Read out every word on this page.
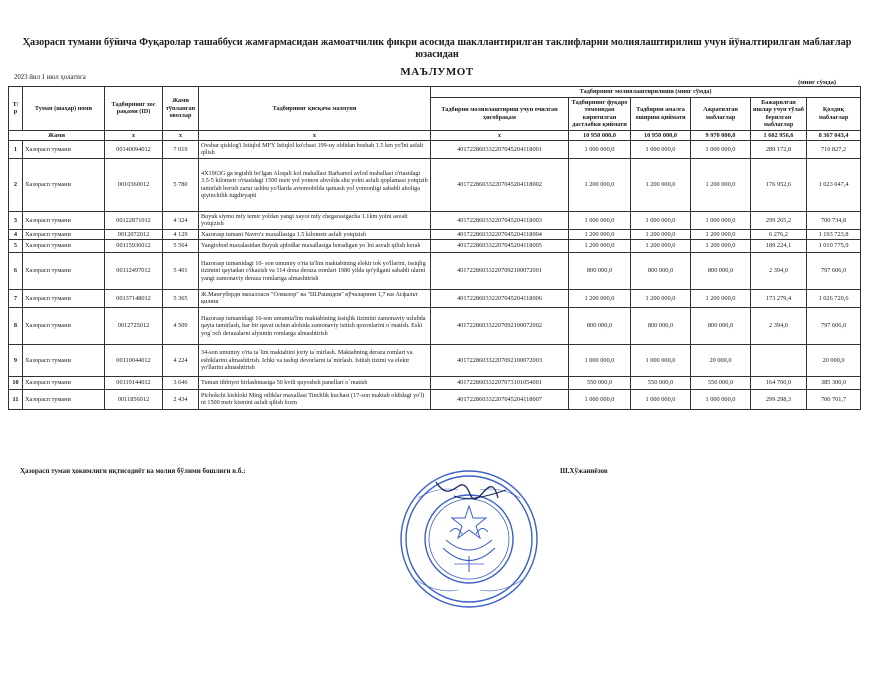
Ҳазорасп тумани бўйича Фуқаролар ташаббуси жамғармасидан жамоатчилик фикри асосида шакллантирилган таклифларни молиялаштирилиш учун йўналтирилган маблағлар юзасидан
2023 йил 1 июл ҳолатига	МАЪЛУМОТ
(минг сўмда)
Т/р	Туман (шаҳар) номи	Тадбирнинг хос рақами (ID)	Жами тўпланган овозлар	Тадбирнинг қисқача мазмуни	Тадбирнинг молиялаштирилиши (минг сўмда)					
					Тадбирни молиялаштириш учун очилган ҳисобрақам	Тадбирнинг фуқаро томонидан киритилган дастлабки қиймати	Тадбирни амалга ошириш қиймати	Ажратилган маблағлар	Бажарилган ишлар учун тўлаб берилган маблағлар	Қолдиқ маблағлар
Жами		x	x	x	x	10 950 000,0	10 950 000,0	9 970 000,0	1 602 956,6	8 367 043,4
1	Хазорасп тумани	00140094012	7 019	Ovshar qishlog'i Istiqlol MFY Istiqlol ko'chasi 199-uy oldidan boshab 1.5 km yo'lni asfalt qilish	401722860332207045204118001	1 000 000,0	1 000 000,0	1 000 000,0	289 172,8	710 827,2
2	Хазорасп тумани	0010360012	5 780	4X1963G ga tegishli bo'lgan Aloqali kol mahallasi Barkamol avlod mahallasi o'rtasidagi 3.5-5 kilometr o'rtasidagi 1500 metr yol yomon abvolda shu yolni asfalt qoplamasi yotqizib tamirlab berish zarur ushbu yo'llarda avtomobilda qatnash yol yomonligi sababli aholiga qiyinchilik tugdiryapti	401722860332207045204118002	1 200 000,0	1 200 000,0	1 200 000,0	176 952,6	1 023 047,4
3	Хазорасп тумани	00122871012	4 324	Buyuk siymo mfy temir yoldan yangi xayot mfy chegarasigacha 1.1km yolni asvalt yotqizish	401722860332207045204118003	1 000 000,0	1 000 000,0	1 000 000,0	299 265,2	700 734,8
4	Хазорасп тумани	0012072012	4 129	Xazorasp tumani Navro'z maxallasiga 1.5 kilometr asfalt yotqizish	401722860332207045204118004	1 200 000,0	1 200 000,0	1 200 000,0	6 276,2	1 193 723,8
5	Хазорасп тумани	00115936012	5 564	Yangiobod maxalasidan Buyuk ajdodlar maxallasiga boradigan yo`lni asvalt qilish kerak	401722860332207045204118005	1 200 000,0	1 200 000,0	1 200 000,0	189 224,1	1 010 775,9
6	Хазорасп тумани	00112497012	5 401	Hazorasp tumanidagi 10- son umumiy o'rta ta'lim maktabining elektr tok yo'llarini, issiqlig tizimini qaytadan o'tkazish va 114 dona deraza romlari 1980 yilda qo'yilgani sababli ularni yangi zamonaviy deraza romlariga almashtirish	401722860332207092100072001	800 000,0	800 000,0	800 000,0	2 394,0	797 606,0
7	Хазорасп тумани	00137148012	5 365	Ж.Мангубердн махалласи "Олмазор" ва "Ш.Рашидов" кўчаларини 1,7 км Асфальт қилиш	401722860332207045204118006	1 200 000,0	1 200 000,0	1 200 000,0	173 279,4	1 026 720,6
8	Хазорасп тумани	0012725012	4 509	Hazorasp tumanidagi 16-son umumta'lim maktabining issiqlik tizimini zamonaviy uslubda qayta tamirlash, har bir qavat uchun alohida zamonaviy isitish qozonlarini o`rnatish. Eski yog`och derazalarni alyumin romlarga almashtirish	401722860332207092100072002	800 000,0	800 000,0	800 000,0	2 394,0	797 606,0
9	Хазорасп тумани	00110044012	4 224	34-son umumiy o'rta ta`lim maktabini joriy ta`mirlash. Maktabning deraza romlari va eshiklarini almashtirish. Ichki va tashqi devorlarni ta`mirlash. Isitish tizimi va elektr yo'llarini almashtirish	401722860332207092100072003	1 000 000,0	1 000 000,0	20 000,0		20 000,0
10	Хазорасп тумани	00119144012	3 646	Tuman tibbiyot birlashmasiga 50 kvtli quyoshsh panellari o`rnatish	401722860332207073101054001	550 000,0	550 000,0	550 000,0	164 700,0	385 300,0
11	Хазорасп тумани	0011856012	2 434	Pichokchi kishloki Ming otliklar maxallasi Tinchlik kuchasi (17-son maktab oldidagi yo'l) ni 1500 metr kismini asfalt qilish lozm	401722860332207045204118007	1 000 000,0	1 000 000,0	1 000 000,0	299 298,3	700 701,7
Ҳазорасп туман ҳокимлиги иқтисодиёт ва молия бўлими бошлиғи в.б.:	Ш.Хўжаниёзов
